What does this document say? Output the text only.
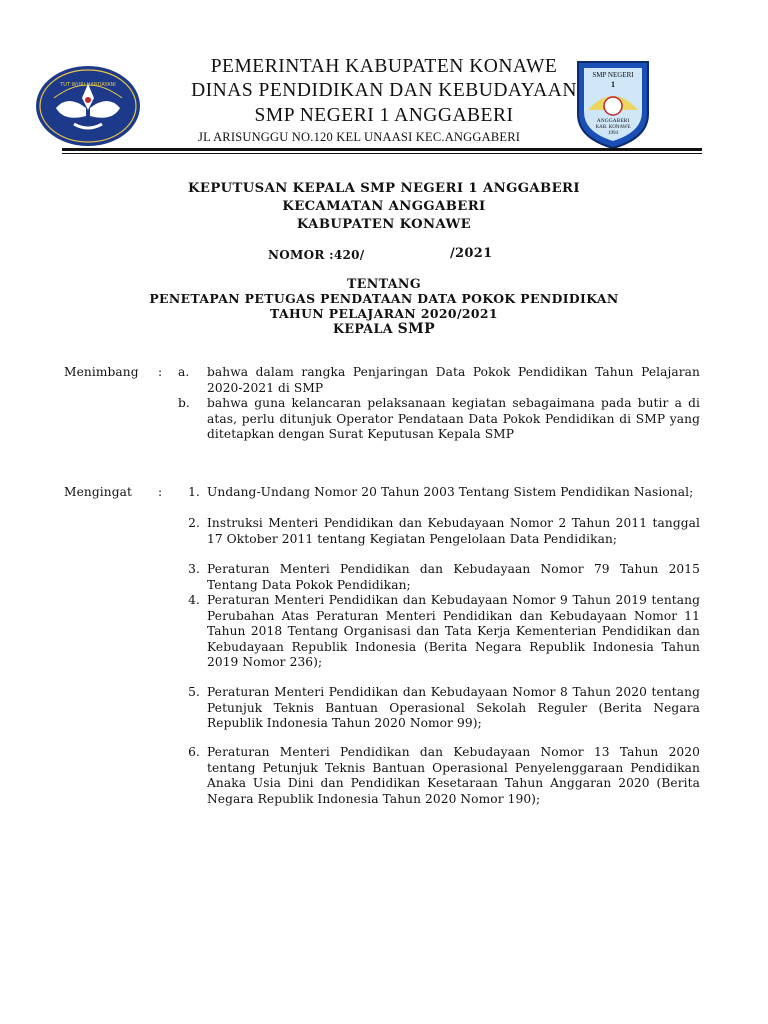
TUT WURI HANDAYANI
SMP NEGERI
1
ANGGABERI
KAB. KONAWE
1994
PEMERINTAH KABUPATEN KONAWE
DINAS PENDIDIKAN DAN KEBUDAYAAN
SMP NEGERI 1 ANGGABERI
JL ARISUNGGU NO.120 KEL UNAASI KEC.ANGGABERI
KEPUTUSAN KEPALA SMP NEGERI 1 ANGGABERI
KECAMATAN ANGGABERI
KABUPATEN KONAWE
NOMOR :420/	/2021
TENTANG
PENETAPAN PETUGAS PENDATAAN DATA POKOK PENDIDIKAN
TAHUN PELAJARAN 2020/2021
KEPALA SMP
Menimbang : a. bahwa dalam rangka Penjaringan Data Pokok Pendidikan Tahun Pelajaran 2020-2021 di SMP
b. bahwa guna kelancaran pelaksanaan kegiatan sebagaimana pada butir a di atas, perlu ditunjuk Operator Pendataan Data Pokok Pendidikan di SMP yang ditetapkan dengan Surat Keputusan Kepala SMP
Mengingat :	1. Undang-Undang Nomor 20 Tahun 2003 Tentang Sistem Pendidikan Nasional;
2. Instruksi Menteri Pendidikan dan Kebudayaan Nomor 2 Tahun 2011 tanggal 17 Oktober 2011 tentang Kegiatan Pengelolaan Data Pendidikan;
3. Peraturan Menteri Pendidikan dan Kebudayaan Nomor 79 Tahun 2015 Tentang Data Pokok Pendidikan;
4. Peraturan Menteri Pendidikan dan Kebudayaan Nomor 9 Tahun 2019 tentang Perubahan Atas Peraturan Menteri Pendidikan dan Kebudayaan Nomor 11 Tahun 2018 Tentang Organisasi dan Tata Kerja Kementerian Pendidikan dan Kebudayaan Republik Indonesia (Berita Negara Republik Indonesia Tahun 2019 Nomor 236);
5. Peraturan Menteri Pendidikan dan Kebudayaan Nomor 8 Tahun 2020 tentang Petunjuk Teknis Bantuan Operasional Sekolah Reguler (Berita Negara Republik Indonesia Tahun 2020 Nomor 99);
6. Peraturan Menteri Pendidikan dan Kebudayaan Nomor 13 Tahun 2020 tentang Petunjuk Teknis Bantuan Operasional Penyelenggaraan Pendidikan Anaka Usia Dini dan Pendidikan Kesetaraan Tahun Anggaran 2020 (Berita Negara Republik Indonesia Tahun 2020 Nomor 190);
